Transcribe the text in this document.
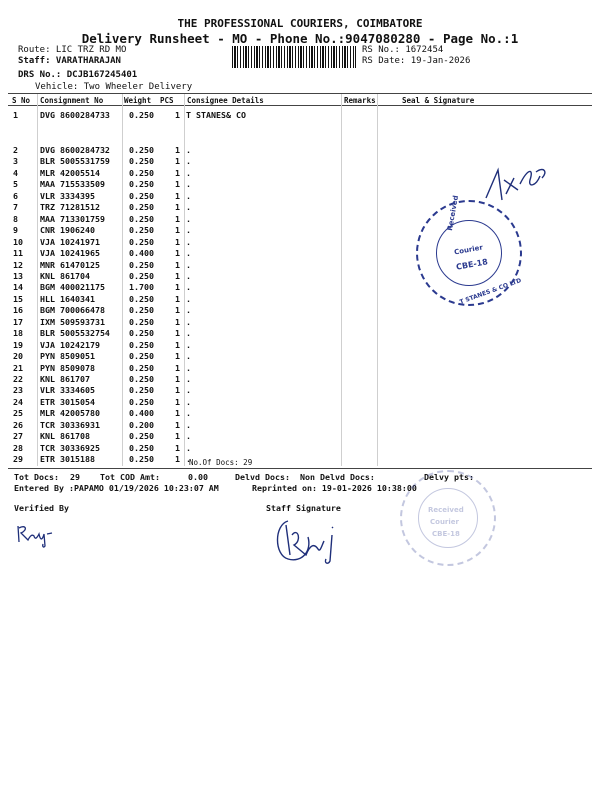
THE PROFESSIONAL COURIERS, COIMBATORE
Delivery Runsheet - MO - Phone No.:9047080280 - Page No.:1
Route: LIC TRZ RD MO
Staff: VARATHARAJAN
DRS No.: DCJB167245401
Vehicle: Two Wheeler Delivery
RS No.: 1672454
RS Date: 19-Jan-2026
S No Consignment No	Weight PCS Consignee Details	Remarks	Seal & Signature
1	DVG 8600284733 0.250	1 T STANES& CO
2	DVG 8600284732 0.250	1 .
3	BLR 5005531759 0.250	1 .
4	MLR 42005514	0.250	1 .
5	MAA 715533509	0.250	1 .
6	VLR 3334395	0.250	1 .
7	TRZ 71281512	0.250	1 .
8	MAA 713301759	0.250	1 .
9	CNR 1906240	0.250	1 .
10 VJA 10241971	0.250	1 .
11 VJA 10241965	0.400	1 .
12 MNR 61470125	0.250	1 .
13 KNL 861704	0.250	1 .
14 BGM 400021175	1.700	1 .
15 HLL 1640341	0.250	1 .
16 BGM 700066478	0.250	1 .
17 IXM 509593731	0.250	1 .
18 BLR 5005532754 0.250	1 .
19 VJA 10242179	0.250	1 .
20 PYN 8509051	0.250	1 .
21 PYN 8509078	0.250	1 .
22 KNL 861707	0.250	1 .
23 VLR 3334605	0.250	1 .
24 ETR 3015054	0.250	1 .
25 MLR 42005780	0.400	1 .
26 TCR 30336931	0.200	1 .
27 KNL 861708	0.250	1 .
28 TCR 30336925	0.250	1 .
29 ETR 3015188	0.250	1 .
No.Of Docs: 29
Tot Docs: 29 Tot COD Amt:	0.00	Delvd Docs: Non Delvd Docs:	Delvy pts:
Entered By :PAPAMO 01/19/2026 10:23:07 AM	Reprinted on: 19-01-2026 10:38:00
Verified By	Staff Signature
Received
Courier
CBE-18
T STANES & CO LTD
Received
Courier
CBE-18
